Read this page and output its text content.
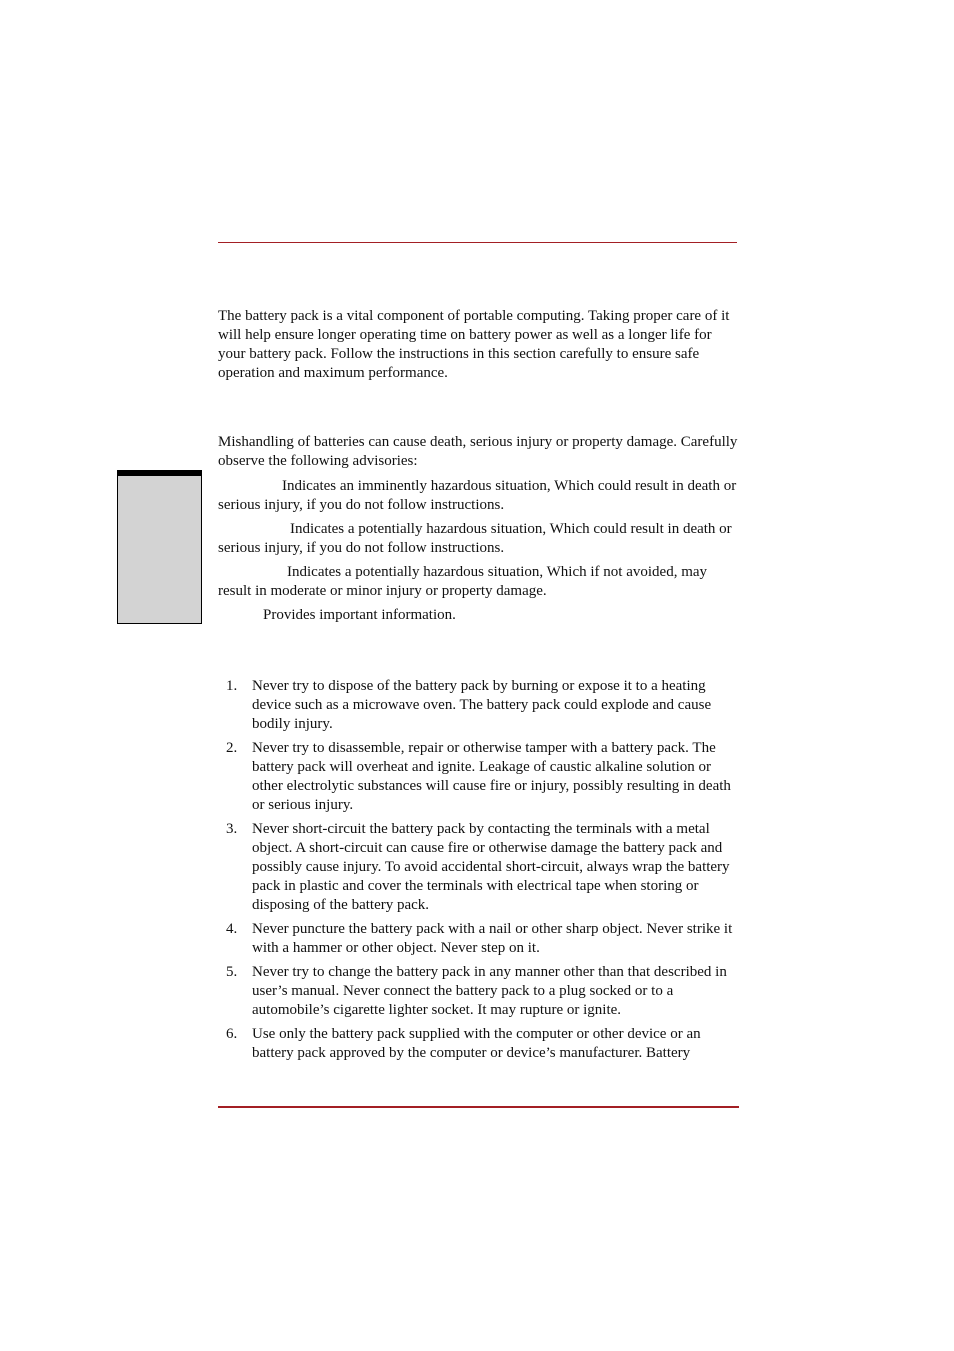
The battery pack is a vital component of portable computing. Taking proper care of it will help ensure longer operating time on battery power as well as a longer life for your battery pack. Follow the instructions in this section carefully to ensure safe operation and maximum performance.

Mishandling of batteries can cause death, serious injury or property damage. Carefully observe the following advisories:

Indicates an imminently hazardous situation, Which could result in death or serious injury, if you do not follow instructions.

Indicates a potentially hazardous situation, Which could result in death or serious injury, if you do not follow instructions.

Indicates a potentially hazardous situation, Which if not avoided, may result in moderate or minor injury or property damage.

Provides important information.

1. Never try to dispose of the battery pack by burning or expose it to a heating device such as a microwave oven. The battery pack could explode and cause bodily injury.
2. Never try to disassemble, repair or otherwise tamper with a battery pack. The battery pack will overheat and ignite. Leakage of caustic alkaline solution or other electrolytic substances will cause fire or injury, possibly resulting in death or serious injury.
3. Never short-circuit the battery pack by contacting the terminals with a metal object. A short-circuit can cause fire or otherwise damage the battery pack and possibly cause injury. To avoid accidental short-circuit, always wrap the battery pack in plastic and cover the terminals with electrical tape when storing or disposing of the battery pack.
4. Never puncture the battery pack with a nail or other sharp object. Never strike it with a hammer or other object. Never step on it.
5. Never try to change the battery pack in any manner other than that described in user’s manual. Never connect the battery pack to a plug socked or to a automobile’s cigarette lighter socket. It may rupture or ignite.
6. Use only the battery pack supplied with the computer or other device or an battery pack approved by the computer or device’s manufacturer. Battery
